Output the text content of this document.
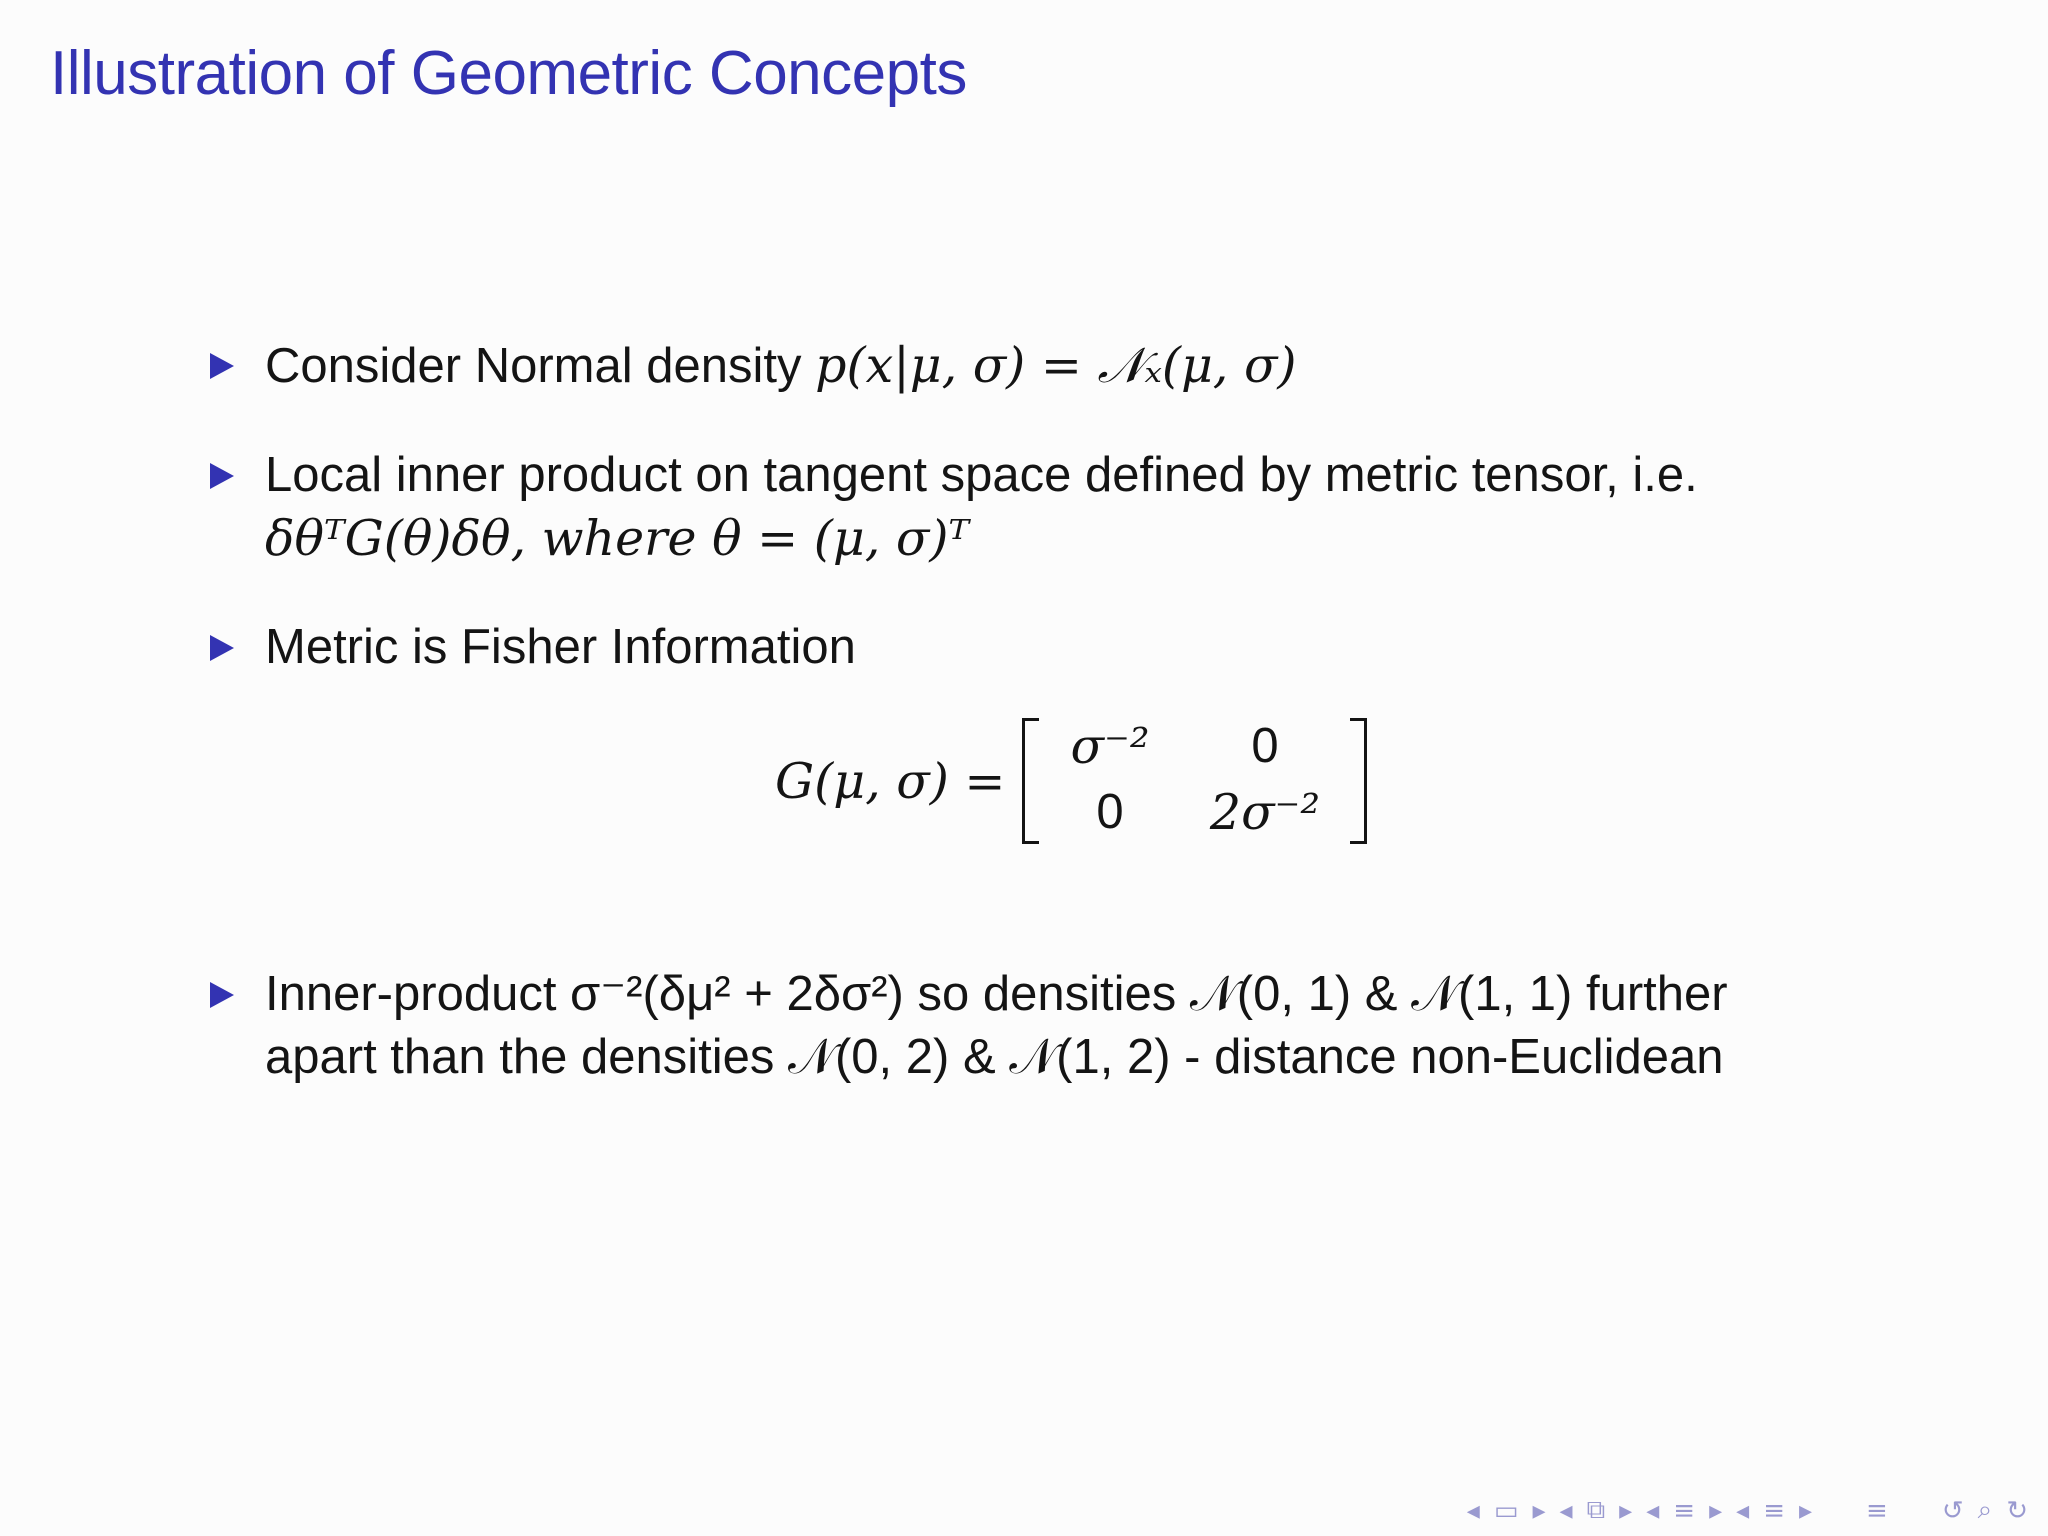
Illustration of Geometric Concepts
Consider Normal density p(x|μ, σ) = 𝒩ₓ(μ, σ)
Local inner product on tangent space defined by metric tensor, i.e.
δθᵀG(θ)δθ, where θ = (μ, σ)ᵀ
Metric is Fisher Information
G(μ, σ) =
σ⁻²	0
0	2σ⁻²
Inner-product σ⁻²(δμ² + 2δσ²) so densities 𝒩(0, 1) & 𝒩(1, 1) further
apart than the densities 𝒩(0, 2) & 𝒩(1, 2) - distance non-Euclidean
◂ ▭ ▸ ◂ ⧉ ▸ ◂ ≡ ▸ ◂ ≡ ▸ ≡ ↺ ⌕ ↻
